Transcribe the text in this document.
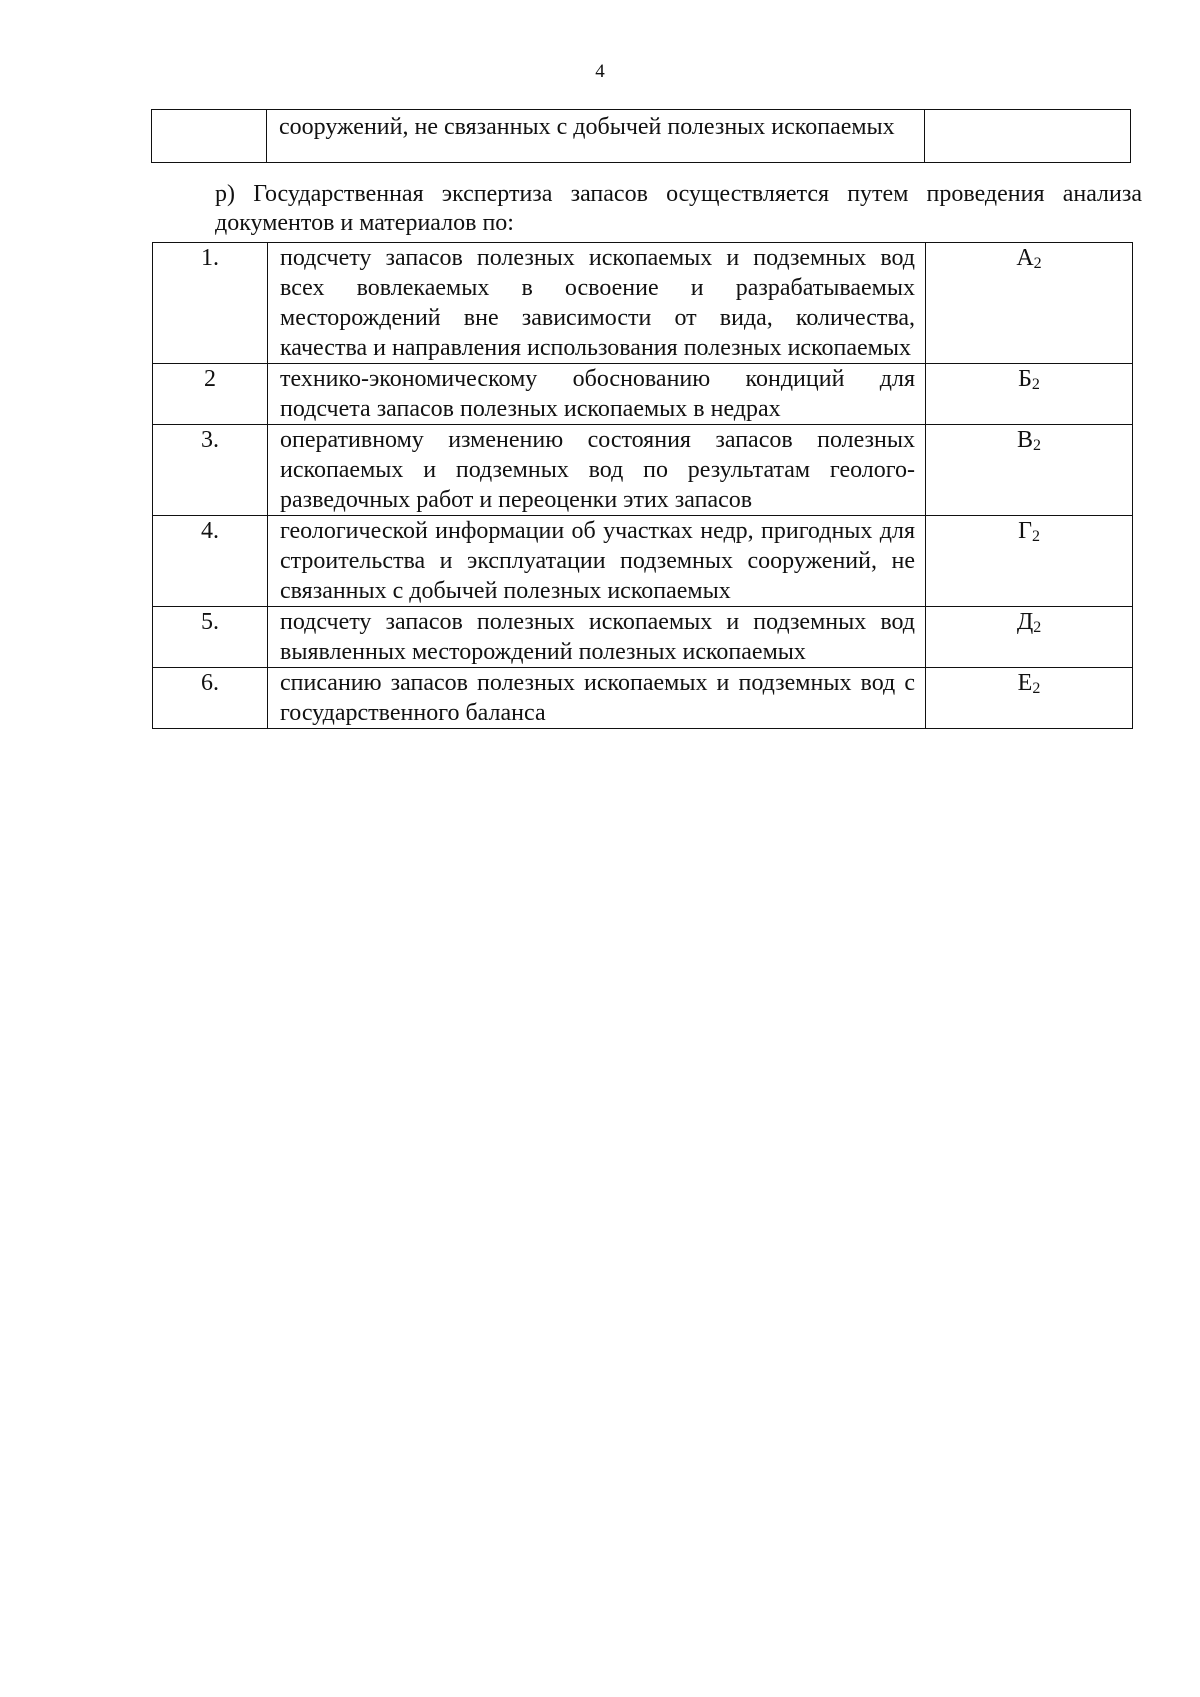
4
	сооружений, не связанных с добычей полезных ископаемых	
р) Государственная экспертиза запасов осуществляется путем проведения анализа документов и материалов по:
1.	подсчету запасов полезных ископаемых и подземных вод всех вовлекаемых в освоение и разрабатываемых месторождений вне зависимости от вида, количества, качества и направления использования полезных ископаемых	А2
2	технико-экономическому обоснованию кондиций для подсчета запасов полезных ископаемых в недрах	Б2
3.	оперативному изменению состояния запасов полезных ископаемых и подземных вод по результатам геолого-разведочных работ и переоценки этих запасов	В2
4.	геологической информации об участках недр, пригодных для строительства и эксплуатации подземных сооружений, не связанных с добычей полезных ископаемых	Г2
5.	подсчету запасов полезных ископаемых и подземных вод выявленных месторождений полезных ископаемых	Д2
6.	списанию запасов полезных ископаемых и подземных вод с государственного баланса	Е2
